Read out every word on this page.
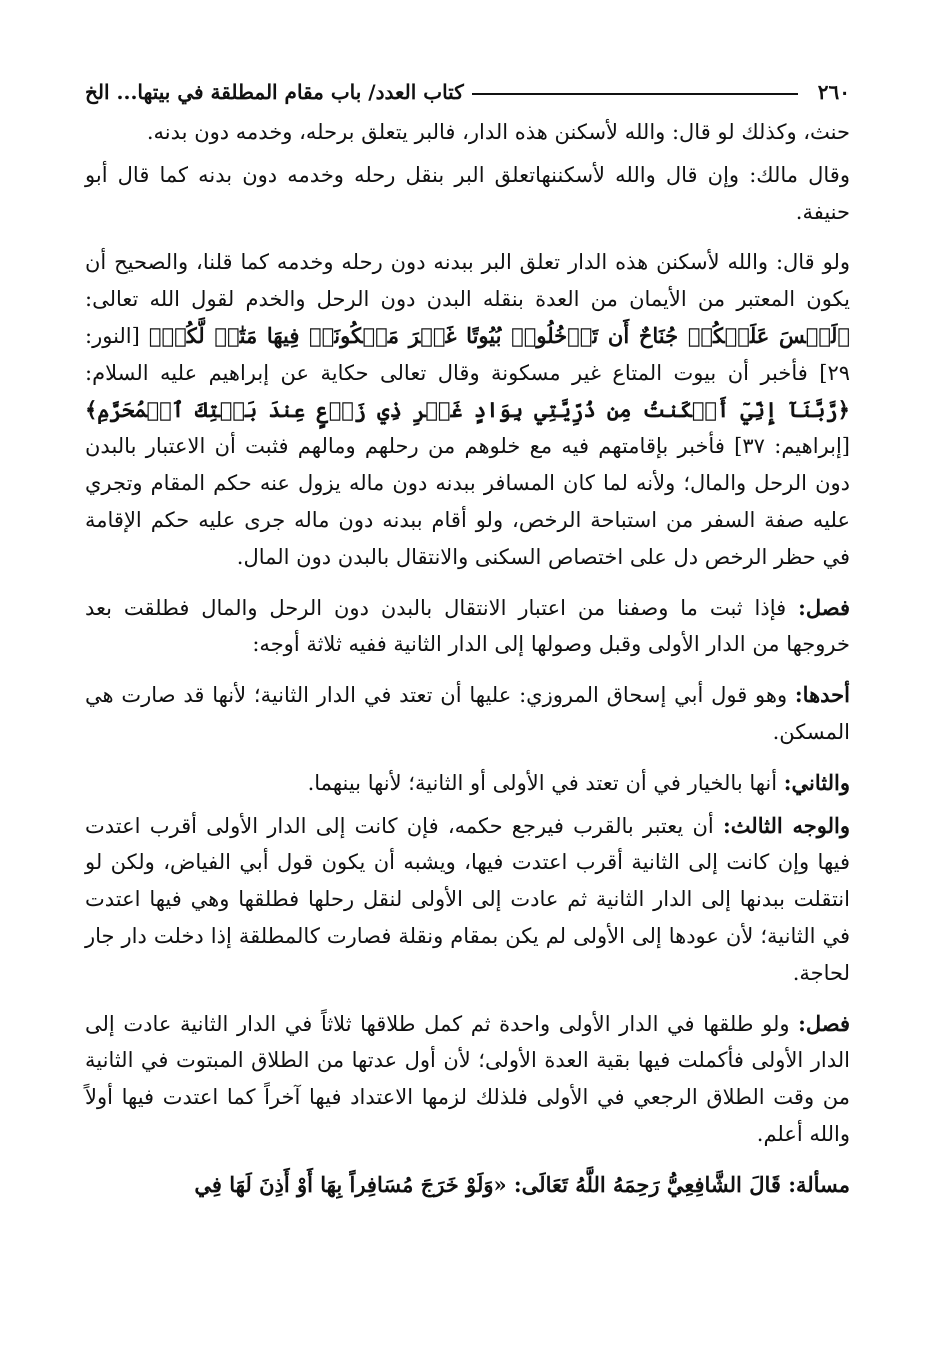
٢٦٠
كتاب العدد/ باب مقام المطلقة في بيتها... الخ

حنث، وكذلك لو قال: والله لأسكنن هذه الدار، فالبر يتعلق برحله، وخدمه دون بدنه.

وقال مالك: وإن قال والله لأسكننهاتعلق البر بنقل رحله وخدمه دون بدنه كما قال أبو حنيفة.

ولو قال: والله لأسكنن هذه الدار تعلق البر ببدنه دون رحله وخدمه كما قلنا، والصحيح أن يكون المعتبر من الأيمان من العدة بنقله البدن دون الرحل والخدم لقول الله تعالى: ﴿لَيۡسَ عَلَيۡكُمۡ جُنَاحٌ أَن تَدۡخُلُوا۟ بُيُوتًا غَيۡرَ مَسۡكُونَةٖ فِيهَا مَتَٰعٞ لَّكُمۡ﴾ [النور: ٢٩] فأخبر أن بيوت المتاع غير مسكونة وقال تعالى حكاية عن إبراهيم عليه السلام: ﴿رَّبَّنَآ إِنِّيٓ أَسۡكَنتُ مِن ذُرِّيَّتِي بِوَادٍ غَيۡرِ ذِي زَرۡعٍ عِندَ بَيۡتِكَ ٱلۡمُحَرَّمِ﴾ [إبراهيم: ٣٧] فأخبر بإقامتهم فيه مع خلوهم من رحلهم ومالهم فثبت أن الاعتبار بالبدن دون الرحل والمال؛ ولأنه لما كان المسافر ببدنه دون ماله يزول عنه حكم المقام وتجري عليه صفة السفر من استباحة الرخص، ولو أقام ببدنه دون ماله جرى عليه حكم الإقامة في حظر الرخص دل على اختصاص السكنى والانتقال بالبدن دون المال.

فصل: فإذا ثبت ما وصفنا من اعتبار الانتقال بالبدن دون الرحل والمال فطلقت بعد خروجها من الدار الأولى وقبل وصولها إلى الدار الثانية ففيه ثلاثة أوجه:

أحدها: وهو قول أبي إسحاق المروزي: عليها أن تعتد في الدار الثانية؛ لأنها قد صارت هي المسكن.

والثاني: أنها بالخيار في أن تعتد في الأولى أو الثانية؛ لأنها بينهما.

والوجه الثالث: أن يعتبر بالقرب فيرجع حكمه، فإن كانت إلى الدار الأولى أقرب اعتدت فيها وإن كانت إلى الثانية أقرب اعتدت فيها، ويشبه أن يكون قول أبي الفياض، ولكن لو انتقلت ببدنها إلى الدار الثانية ثم عادت إلى الأولى لنقل رحلها فطلقها وهي فيها اعتدت في الثانية؛ لأن عودها إلى الأولى لم يكن بمقام ونقلة فصارت كالمطلقة إذا دخلت دار جار لحاجة.

فصل: ولو طلقها في الدار الأولى واحدة ثم كمل طلاقها ثلاثاً في الدار الثانية عادت إلى الدار الأولى فأكملت فيها بقية العدة الأولى؛ لأن أول عدتها من الطلاق المبتوت في الثانية من وقت الطلاق الرجعي في الأولى فلذلك لزمها الاعتداد فيها آخراً كما اعتدت فيها أولاً والله أعلم.

مسألة: قَالَ الشَّافِعِيُّ رَحِمَهُ اللَّهُ تَعَالَى: «وَلَوْ خَرَجَ مُسَافِراً بِهَا أَوْ أَذِنَ لَهَا فِي
